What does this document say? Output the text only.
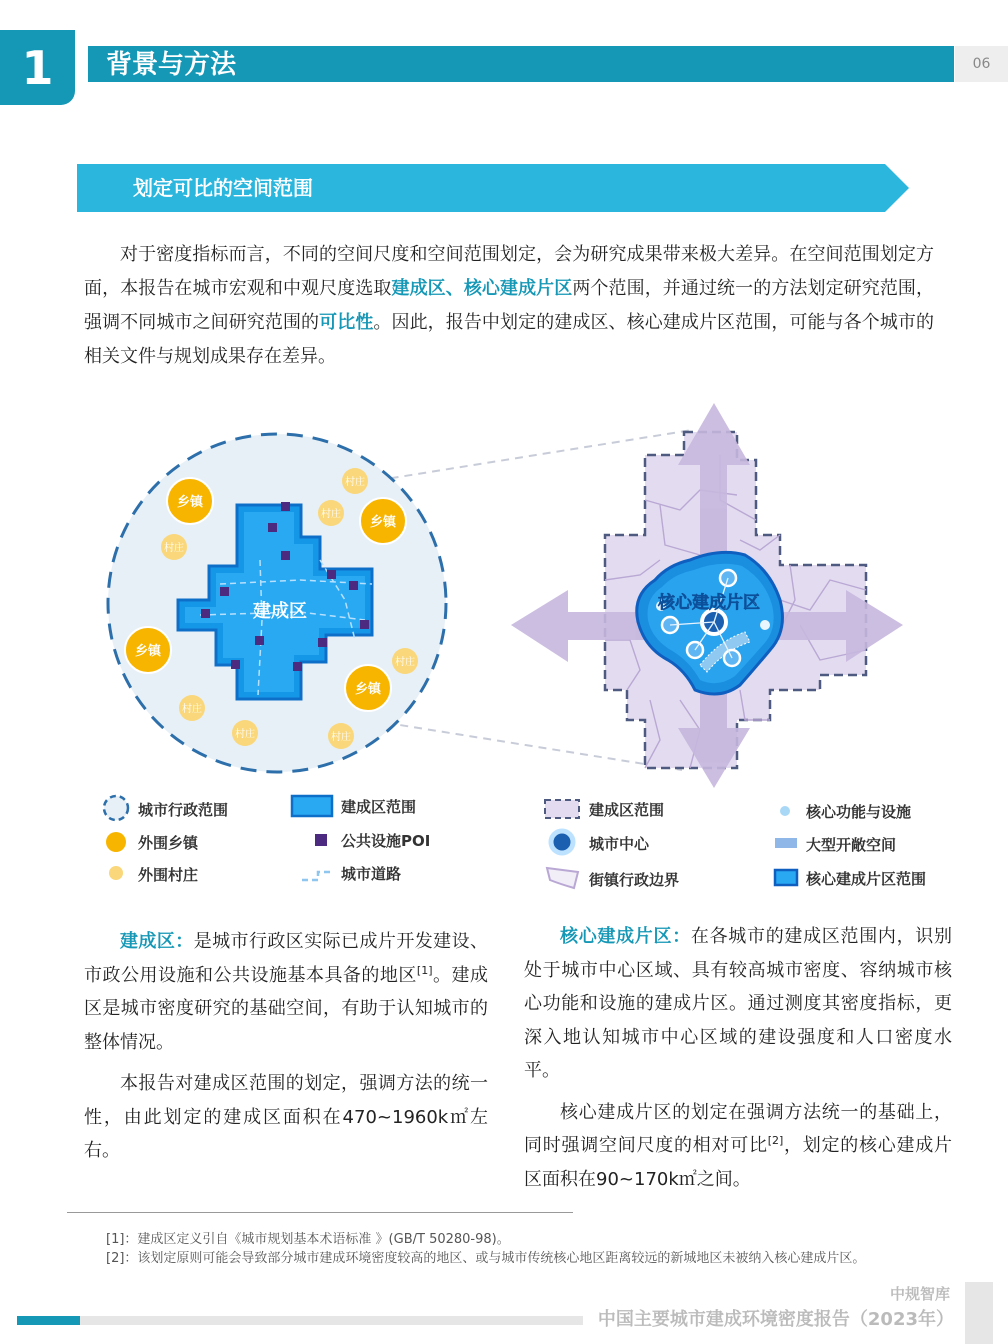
1	背景与方法	06
划定可比的空间范围

对于密度指标而言，不同的空间尺度和空间范围划定，会为研究成果带来极大差异。在空间范围划定方面，本报告在城市宏观和中观尺度选取建成区、核心建成片区两个范围，并通过统一的方法划定研究范围，强调不同城市之间研究范围的可比性。因此，报告中划定的建成区、核心建成片区范围，可能与各个城市的相关文件与规划成果存在差异。

建成区
乡镇
乡镇
乡镇
乡镇
村庄
村庄
村庄
村庄
村庄
村庄	村庄
核心建成片区
城市行政范围	建成区范围
外围乡镇	公共设施POI
外围村庄	城市道路
建成区范围	核心功能与设施
城市中心	大型开敞空间
街镇行政边界	核心建成片区范围

建成区：是城市行政区实际已成片开发建设、市政公用设施和公共设施基本具备的地区[1]。建成区是城市密度研究的基础空间，有助于认知城市的整体情况。

本报告对建成区范围的划定，强调方法的统一性，由此划定的建成区面积在470~1960k㎡左右。

核心建成片区：在各城市的建成区范围内，识别处于城市中心区域、具有较高城市密度、容纳城市核心功能和设施的建成片区。通过测度其密度指标，更深入地认知城市中心区域的建设强度和人口密度水平。

核心建成片区的划定在强调方法统一的基础上，同时强调空间尺度的相对可比[2]，划定的核心建成片区面积在90~170k㎡之间。

[1]：建成区定义引自《城市规划基本术语标准 》(GB/T 50280-98)。
[2]：该划定原则可能会导致部分城市建成环境密度较高的地区、或与城市传统核心地区距离较远的新城地区未被纳入核心建成片区。
中规智库
中国主要城市建成环境密度报告（2023年）
